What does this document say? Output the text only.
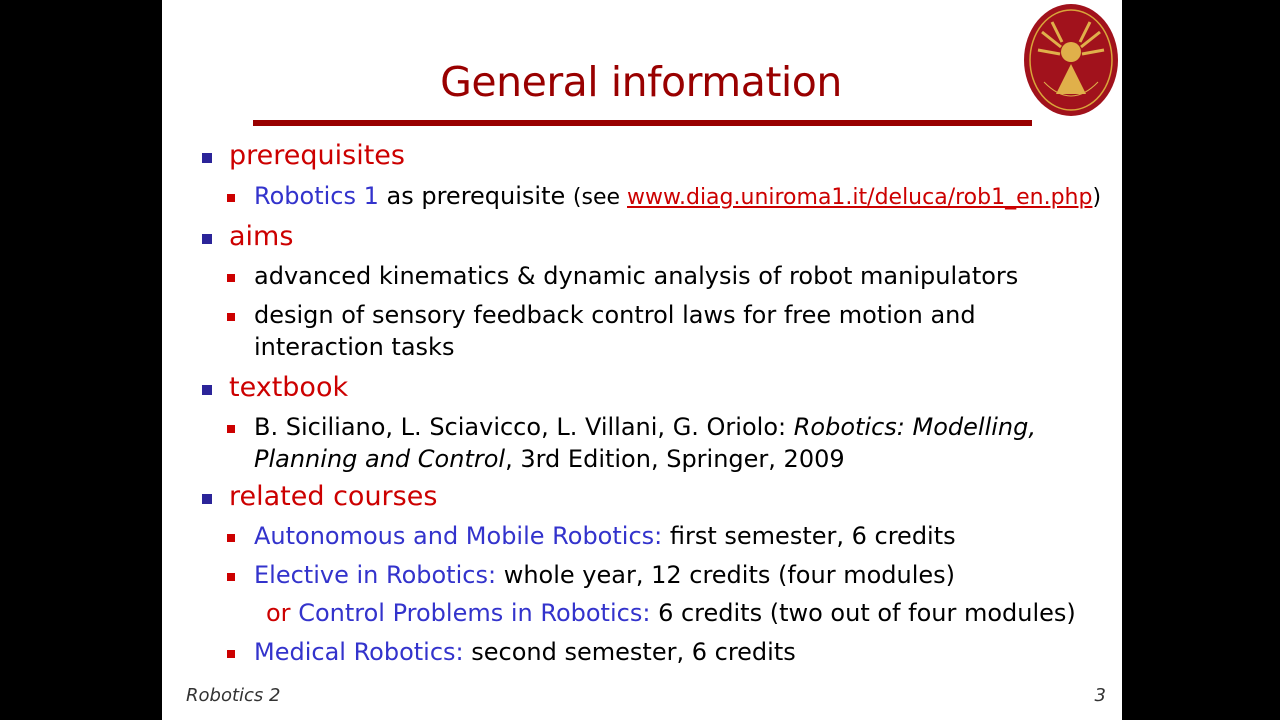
General information
prerequisites
Robotics 1 as prerequisite (see www.diag.uniroma1.it/deluca/rob1_en.php)
aims
advanced kinematics & dynamic analysis of robot manipulators
design of sensory feedback control laws for free motion and
interaction tasks
textbook
B. Siciliano, L. Sciavicco, L. Villani, G. Oriolo: Robotics: Modelling,
Planning and Control, 3rd Edition, Springer, 2009
related courses
Autonomous and Mobile Robotics: first semester, 6 credits
Elective in Robotics: whole year, 12 credits (four modules)
or Control Problems in Robotics: 6 credits (two out of four modules)
Medical Robotics: second semester, 6 credits
Robotics 2	3
